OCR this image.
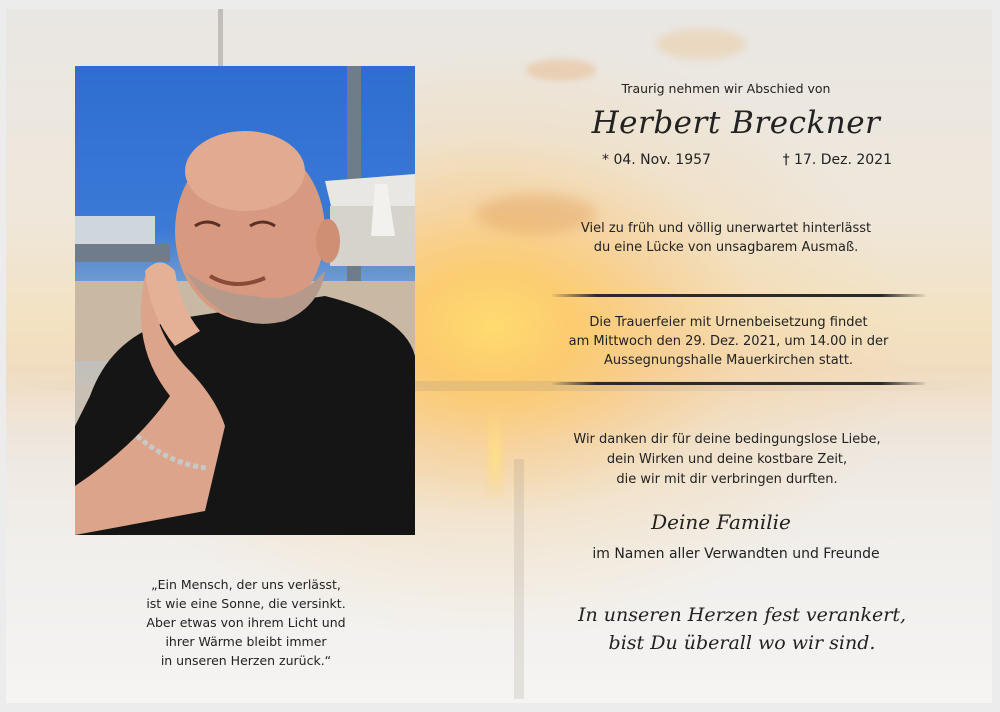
Traurig nehmen wir Abschied von
Herbert Breckner
* 04. Nov. 1957	† 17. Dez. 2021
Viel zu früh und völlig unerwartet hinterlässt
du eine Lücke von unsagbarem Ausmaß.
Die Trauerfeier mit Urnenbeisetzung findet
am Mittwoch den 29. Dez. 2021, um 14.00 in der
Aussegnungshalle Mauerkirchen statt.
Wir danken dir für deine bedingungslose Liebe,
dein Wirken und deine kostbare Zeit,
die wir mit dir verbringen durften.
Deine Familie
im Namen aller Verwandten und Freunde
In unseren Herzen fest verankert,
bist Du überall wo wir sind.
„Ein Mensch, der uns verlässt,
ist wie eine Sonne, die versinkt.
Aber etwas von ihrem Licht und
ihrer Wärme bleibt immer
in unseren Herzen zurück.“
